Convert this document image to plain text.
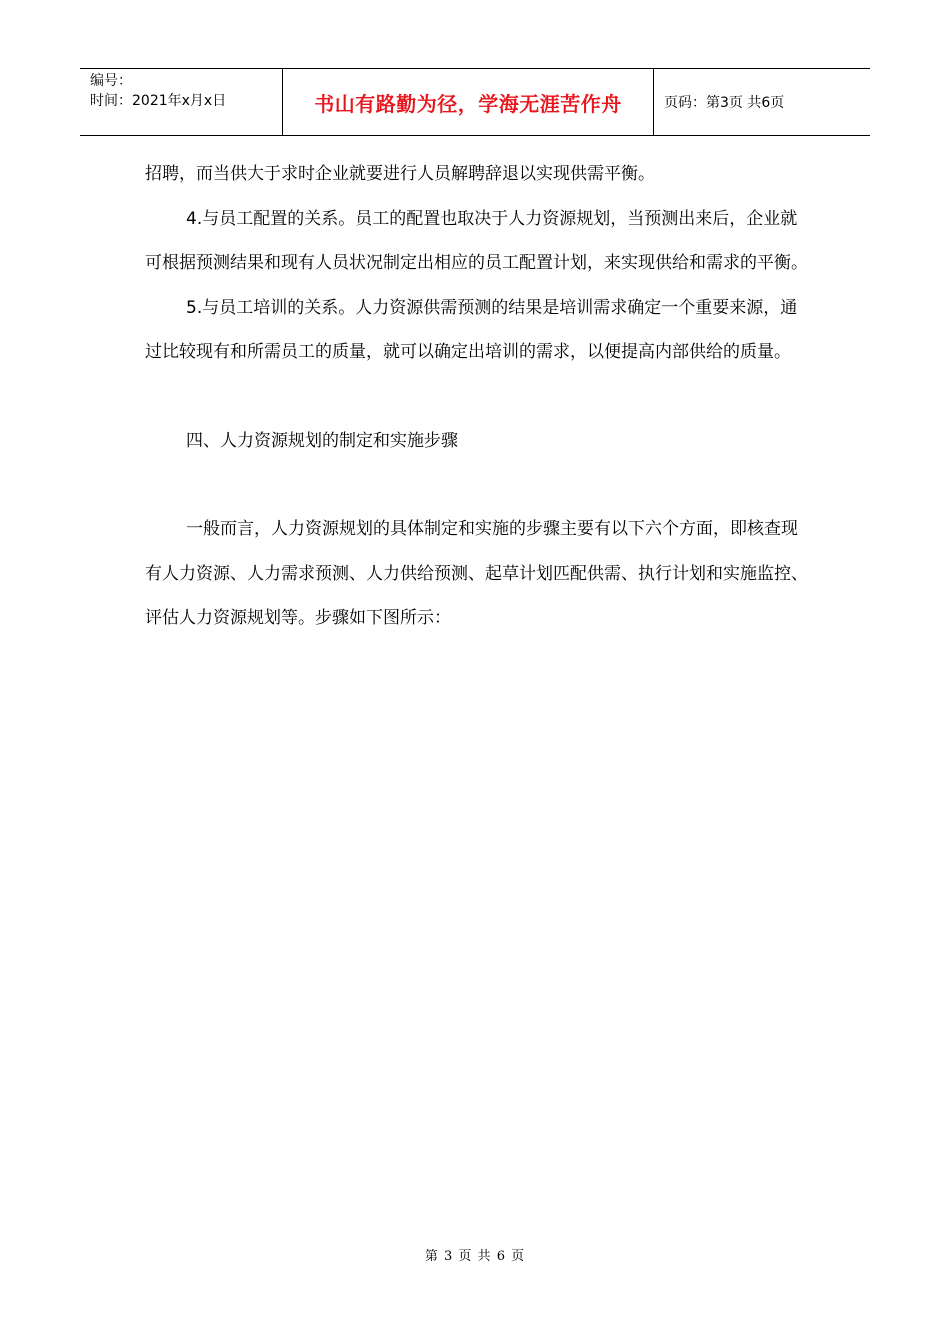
编号：
时间：2021年x月x日	书山有路勤为径，学海无涯苦作舟	页码：第3页 共6页

招聘，而当供大于求时企业就要进行人员解聘辞退以实现供需平衡。

4.与员工配置的关系。员工的配置也取决于人力资源规划，当预测出来后，企业就可根据预测结果和现有人员状况制定出相应的员工配置计划，来实现供给和需求的平衡。

5.与员工培训的关系。人力资源供需预测的结果是培训需求确定一个重要来源，通过比较现有和所需员工的质量，就可以确定出培训的需求，以便提高内部供给的质量。

四、人力资源规划的制定和实施步骤

一般而言，人力资源规划的具体制定和实施的步骤主要有以下六个方面，即核查现有人力资源、人力需求预测、人力供给预测、起草计划匹配供需、执行计划和实施监控、评估人力资源规划等。步骤如下图所示：

第 3 页 共 6 页
